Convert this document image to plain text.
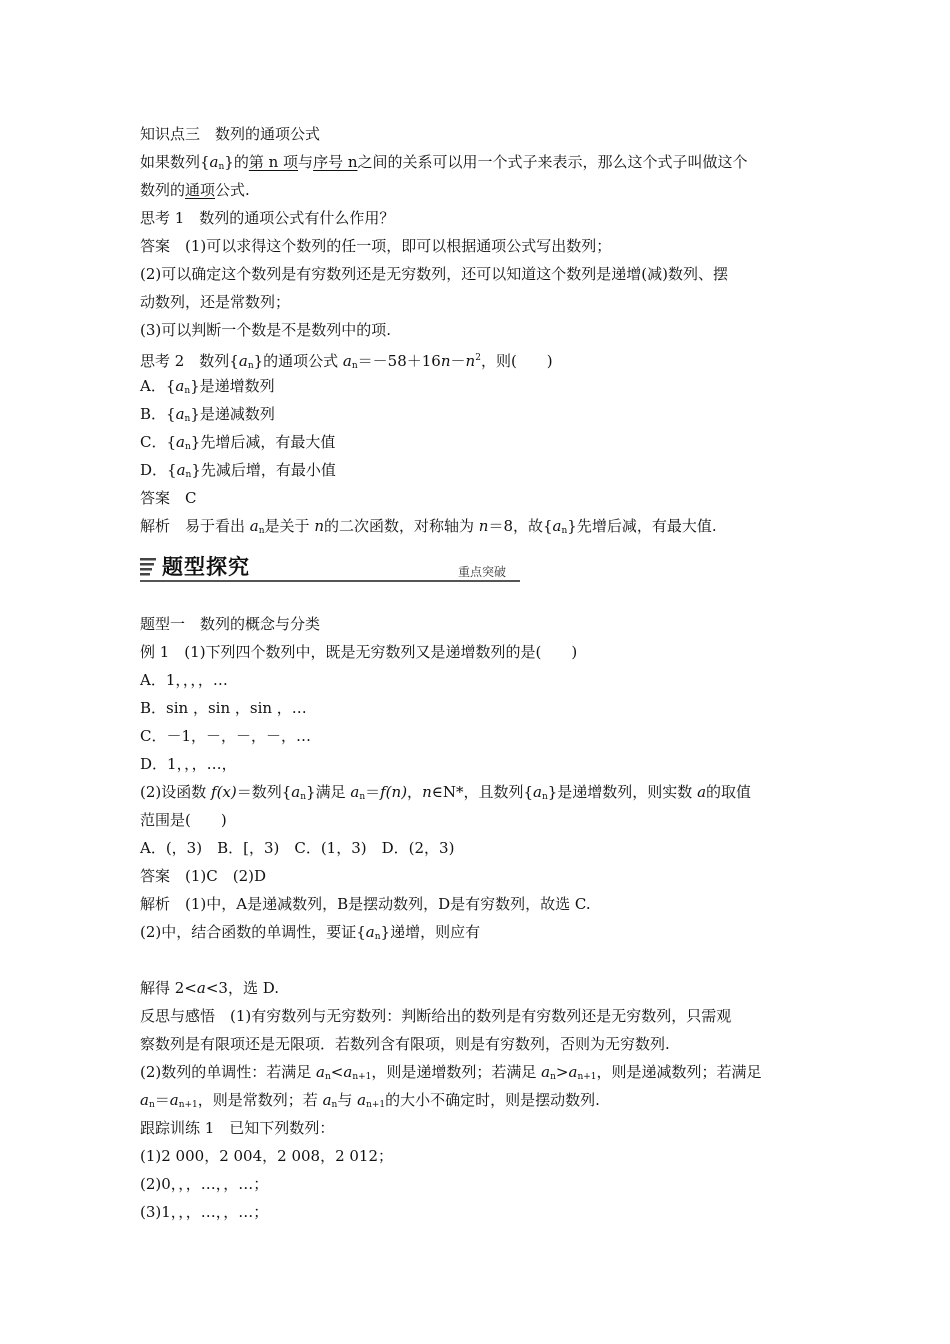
知识点三　数列的通项公式
如果数列$\{a_n\}$的第 n 项与序号 n之间的关系可以用一个式子来表示，那么这个式子叫做这个
数列的通项公式.
思考 1　数列的通项公式有什么作用？
答案　(1)可以求得这个数列的任一项，即可以根据通项公式写出数列；
(2)可以确定这个数列是有穷数列还是无穷数列，还可以知道这个数列是递增(减)数列、摆
动数列，还是常数列；
(3)可以判断一个数是不是数列中的项.
思考 2　数列$\{a_n\}$的通项公式 $a_n=-58+16n-n^2$，则(　　)
A．$\{a_n\}$是递增数列
B．$\{a_n\}$是递减数列
C．$\{a_n\}$先增后减，有最大值
D．$\{a_n\}$先减后增，有最小值
答案　C
解析　易于看出 $a_n$是关于 n的二次函数，对称轴为 n＝8，故$\{a_n\}$先增后减，有最大值.
题型探究	重点突破
题型一　数列的概念与分类
例 1　(1)下列四个数列中，既是无穷数列又是递增数列的是(　　)
A．1，，，，…
B．sin ，sin ，sin ，…
C．－1，－，－，－，…
D．1，，，…，
(2)设函数 f(x)＝数列$\{a_n\}$满足 $a_n=f(n)$，n∈N*，且数列$\{a_n\}$是递增数列，则实数 a的取值
范围是(　　)
A．(，3)　B．[，3)　C．(1，3)　D．(2，3)
答案　(1)C　(2)D
解析　(1)中，A是递减数列，B是摆动数列，D是有穷数列，故选 C.
(2)中，结合函数的单调性，要证$\{a_n\}$递增，则应有
解得 2<a<3，选 D.
反思与感悟　(1)有穷数列与无穷数列：判断给出的数列是有穷数列还是无穷数列，只需观
察数列是有限项还是无限项．若数列含有限项，则是有穷数列，否则为无穷数列.
(2)数列的单调性：若满足 $a_n<a_{n+1}$，则是递增数列；若满足 $a_n>a_{n+1}$，则是递减数列；若满足
$a_n=a_{n+1}$，则是常数列；若 $a_n$与 $a_{n+1}$的大小不确定时，则是摆动数列.
跟踪训练 1　已知下列数列：
(1)2 000，2 004，2 008，2 012；
(2)0，，，…，，…；
(3)1，，，…，，…；
